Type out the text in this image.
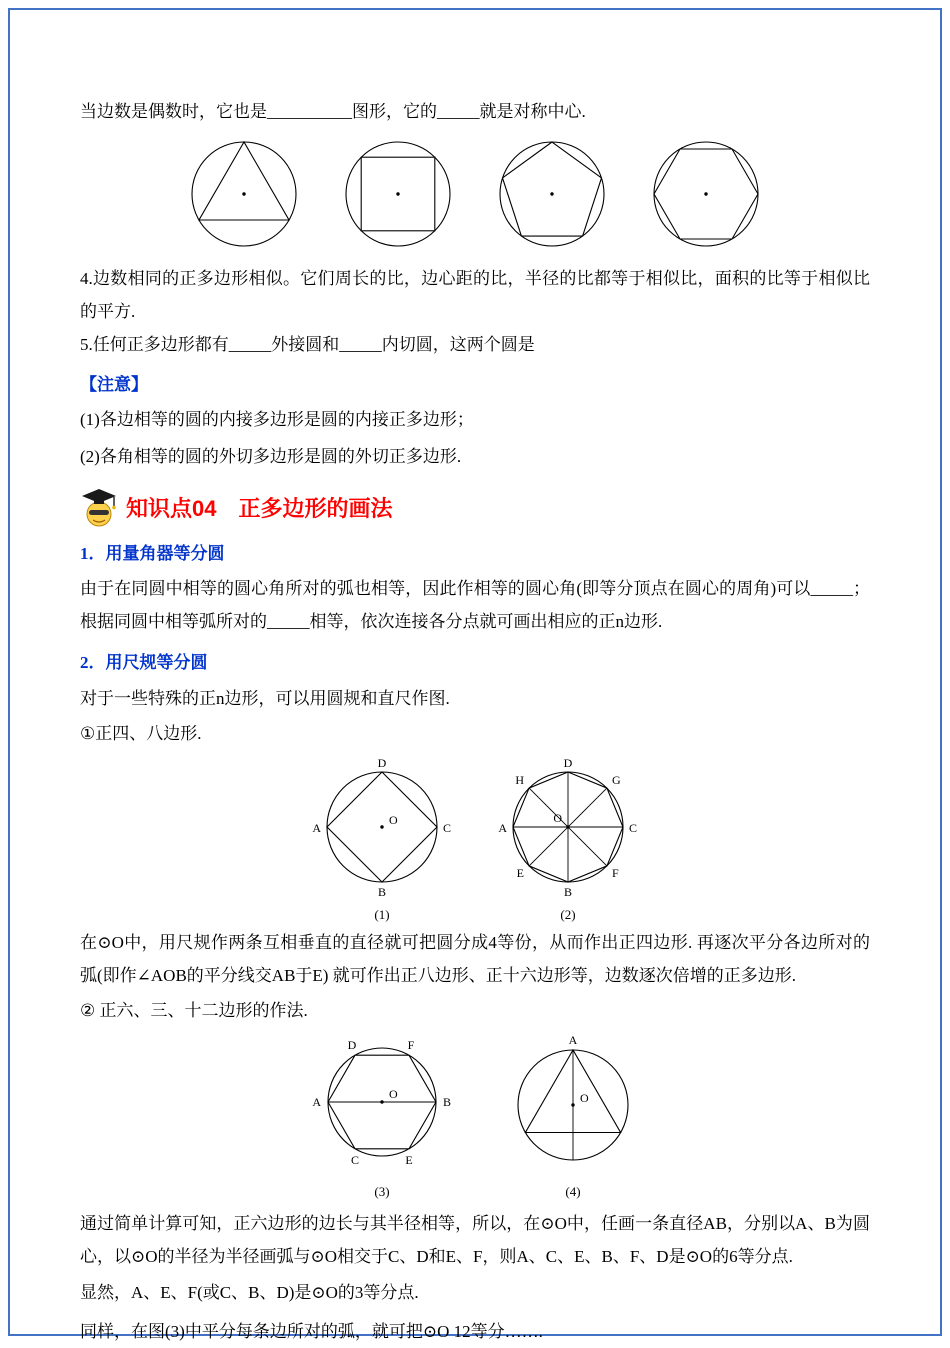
当边数是偶数时，它也是__________图形，它的_____就是对称中心.

4.边数相同的正多边形相似。它们周长的比，边心距的比，半径的比都等于相似比，面积的比等于相似比的平方.

5.任何正多边形都有_____外接圆和_____内切圆，这两个圆是

【注意】

(1)各边相等的圆的内接多边形是圆的内接正多边形；

(2)各角相等的圆的外切多边形是圆的外切正多边形.

知识点04　正多边形的画法

1．用量角器等分圆

由于在同圆中相等的圆心角所对的弧也相等，因此作相等的圆心角(即等分顶点在圆心的周角)可以_____；根据同圆中相等弧所对的_____相等，依次连接各分点就可画出相应的正n边形.

2．用尺规等分圆

对于一些特殊的正n边形，可以用圆规和直尺作图.

①正四、八边形.

D
A	C
B
O
(1)
D
G
C
F
B
E
A
H
O
(2)

在⊙O中，用尺规作两条互相垂直的直径就可把圆分成4等份，从而作出正四边形. 再逐次平分各边所对的弧(即作∠AOB的平分线交AB于E) 就可作出正八边形、正十六边形等，边数逐次倍增的正多边形.

② 正六、三、十二边形的作法.

D	F
A	B
O
C	E
(3)
A
O
(4)

通过简单计算可知，正六边形的边长与其半径相等，所以，在⊙O中，任画一条直径AB，分别以A、B为圆心，以⊙O的半径为半径画弧与⊙O相交于C、D和E、F，则A、C、E、B、F、D是⊙O的6等分点.

显然，A、E、F(或C、B、D)是⊙O的3等分点.

同样，在图(3)中平分每条边所对的弧，就可把⊙O 12等分…….
